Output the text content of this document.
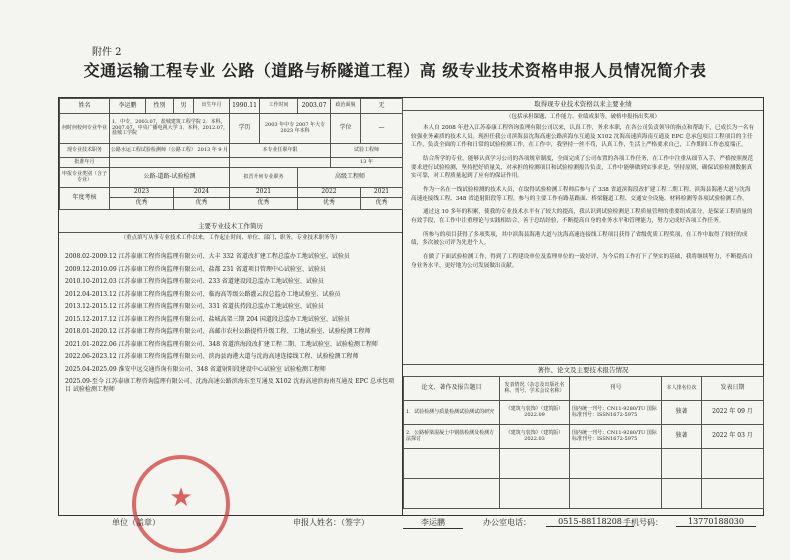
附件 2
交通运输工程专业 公路（道路与桥隧道工程）高 级专业技术资格申报人员情况简介表
姓名	李运鹏	性别	男	出生年月	1990.11	工作时间	2003.07	政治面貌	无
何时何校何专业毕业	1．中专，2003.07，盐城建筑工程学院 2．本科，2007.07，中央广播电视大学 3．本科，2012.07，盐城工学院				学历	2003 年中专 2007 年大专 2023 年本科		学位	—
现专业技术职务	公路水运工程试验检测师（公路工程） 2013 年 9 月				本专业任职年限			试验工程师	
批准年月								13 年	
申报专业类别（含子专业）	公路-道路-试验检测				拟晋升何专业职务		高级工程师		
年度考核	2023		2024		2021		2022		2021
	优秀		优秀		优秀		优秀		优秀
主要专业技术工作简历
（重点填写从事专业技术工作以来，工作起止时间、单位、部门、职务，专业技术职务等）
2008.02-2009.12 江苏泰康工程咨询监理有限公司、大丰 332 省道改扩建工程总监办工地试验室、试验员
2009.12-2010.09 江苏泰康工程咨询监理有限公司、盐都 231 省道项目管理中心试验室、试验员
2010.10-2012.03 江苏泰康工程咨询监理有限公司、233 省道建设段总监办工地试验室、试验员
2012.04-2013.12 江苏泰康工程咨询监理有限公司、临海高等级公路灌云段总监办工地试验室、试验员
2013.12-2015.12 江苏泰康工程咨询监理有限公司、331 省道扶持段总监办工地试验室、试验员
2015.12-2017.12 江苏泰康工程咨询监理有限公司、盐城高架三期 204 国道段总监办工地试验室、试验员
2018.01-2020.12 江苏泰康工程咨询监理有限公司、高邮市农村公路提档升级工程、工地试验室、试验检测工程师
2021.01-2022.06 江苏泰康工程咨询监理有限公司、348 省道滨海段改扩建工程二期、工地试验室、试验检测工程师
2022.06-2023.12 江苏泰康工程咨询监理有限公司、滨海县海港大道与沈海高速连接线工程、试验检测工程师
2025.04-2025.09 淮安中远交通咨询有限公司、348 省道射阳段建设中心试验室 试验检测工程师
2025.09-至今 江苏泰康工程咨询监理有限公司、沈海高速公路滨海东至互通及 X102 沈海高速滨海南互通及 EPC 总承包项目 试验检测工程师
取得现专业技术资格以来主要业绩
（包括承担课题、工作能力、业绩成果等，破格申报指出奖项）

本人自 2008 年进入江苏泰康工程咨询监理有限公司以来，认真工作，务求本职，在各公司负责领导的指点和帮助下，已成长为一名有较强业务素质的技术人员。现担任我公司滨海县沈海高速公路滨海东互通及 X102 沈海高速滨海南互通及 EPC 总承包项目工程项目的主任工作，负责全面的工作和日常的试验检测工作，在工作中，我坚持一丝不苟，认真工作，生活上严格要求自己，工作期间工作态度端正。

结合所学的专业，能够认真学习公司的各项规章制度，全面完成了公司布置的各项工作任务，在工作中注重从细节入手，严格按照规范要求进行试验检测，坚持把好质量关，对承担的检测项目和试验检测报告负责，工作中能够做到实事求是，坚持原则，确保试验检测数据真实可靠，对工程质量起到了应有的保证作用。

作为一名在一线试验检测的技术人员，在取得试验检测工程师后参与了 338 省道滨海段改扩建工程二期工程、滨海县海港大道与沈海高速连接线工程、348 省道射阳段等工程，参与的主要工作有路基路面、桥梁隧道工程、交通安全设施、材料检测等各项试验检测工作。

通过这 10 多年的积累，使我的专业技术水平有了较大的提高，我认识到试验检测是工程质量管理的重要组成部分，是保证工程质量的有效手段，在工作中注重理论与实践相结合，善于总结经验，不断提高自身的业务水平和管理能力，努力完成好各项工作任务。

所参与的项目获得了多项奖项，其中滨海县海港大道与沈海高速连接线工程项目获得了省级优质工程奖项，在工作中取得了较好的成绩，多次被公司评为先进个人。

在做了下面试验检测工作，得到了工程建设单位及监理单位的一致好评，为今后的工作打下了坚实的基础，我将继续努力，不断提高自身业务水平，更好地为公司发展做出贡献。

著作、论文及主要技术报告情况
论文、著作及报告题目	发表情况（杂志及出版社名称、刊号、学术会议名称）	刊号	本人排名位次	发表日期
1．试验检测与质量检测试验测试的研究	《建筑与装饰》（建筑版）2022.09	国内统一刊号：CN11-9280/TU 国际标准刊号：ISSN1672-5975	独著	2022 年 09 月
2．公路桥梁混凝土中钢筋检测及检测方法探讨	《建筑与装饰》（建筑版）2022.03	国内统一刊号：CN11-9280/TU 国际标准刊号：ISSN1672-5975	独著	2022 年 03 月

★
单位（盖章）	申报人姓名：（签字）	李运鹏	办公室电话：	0515-88118208 手机号码：	13770188030
